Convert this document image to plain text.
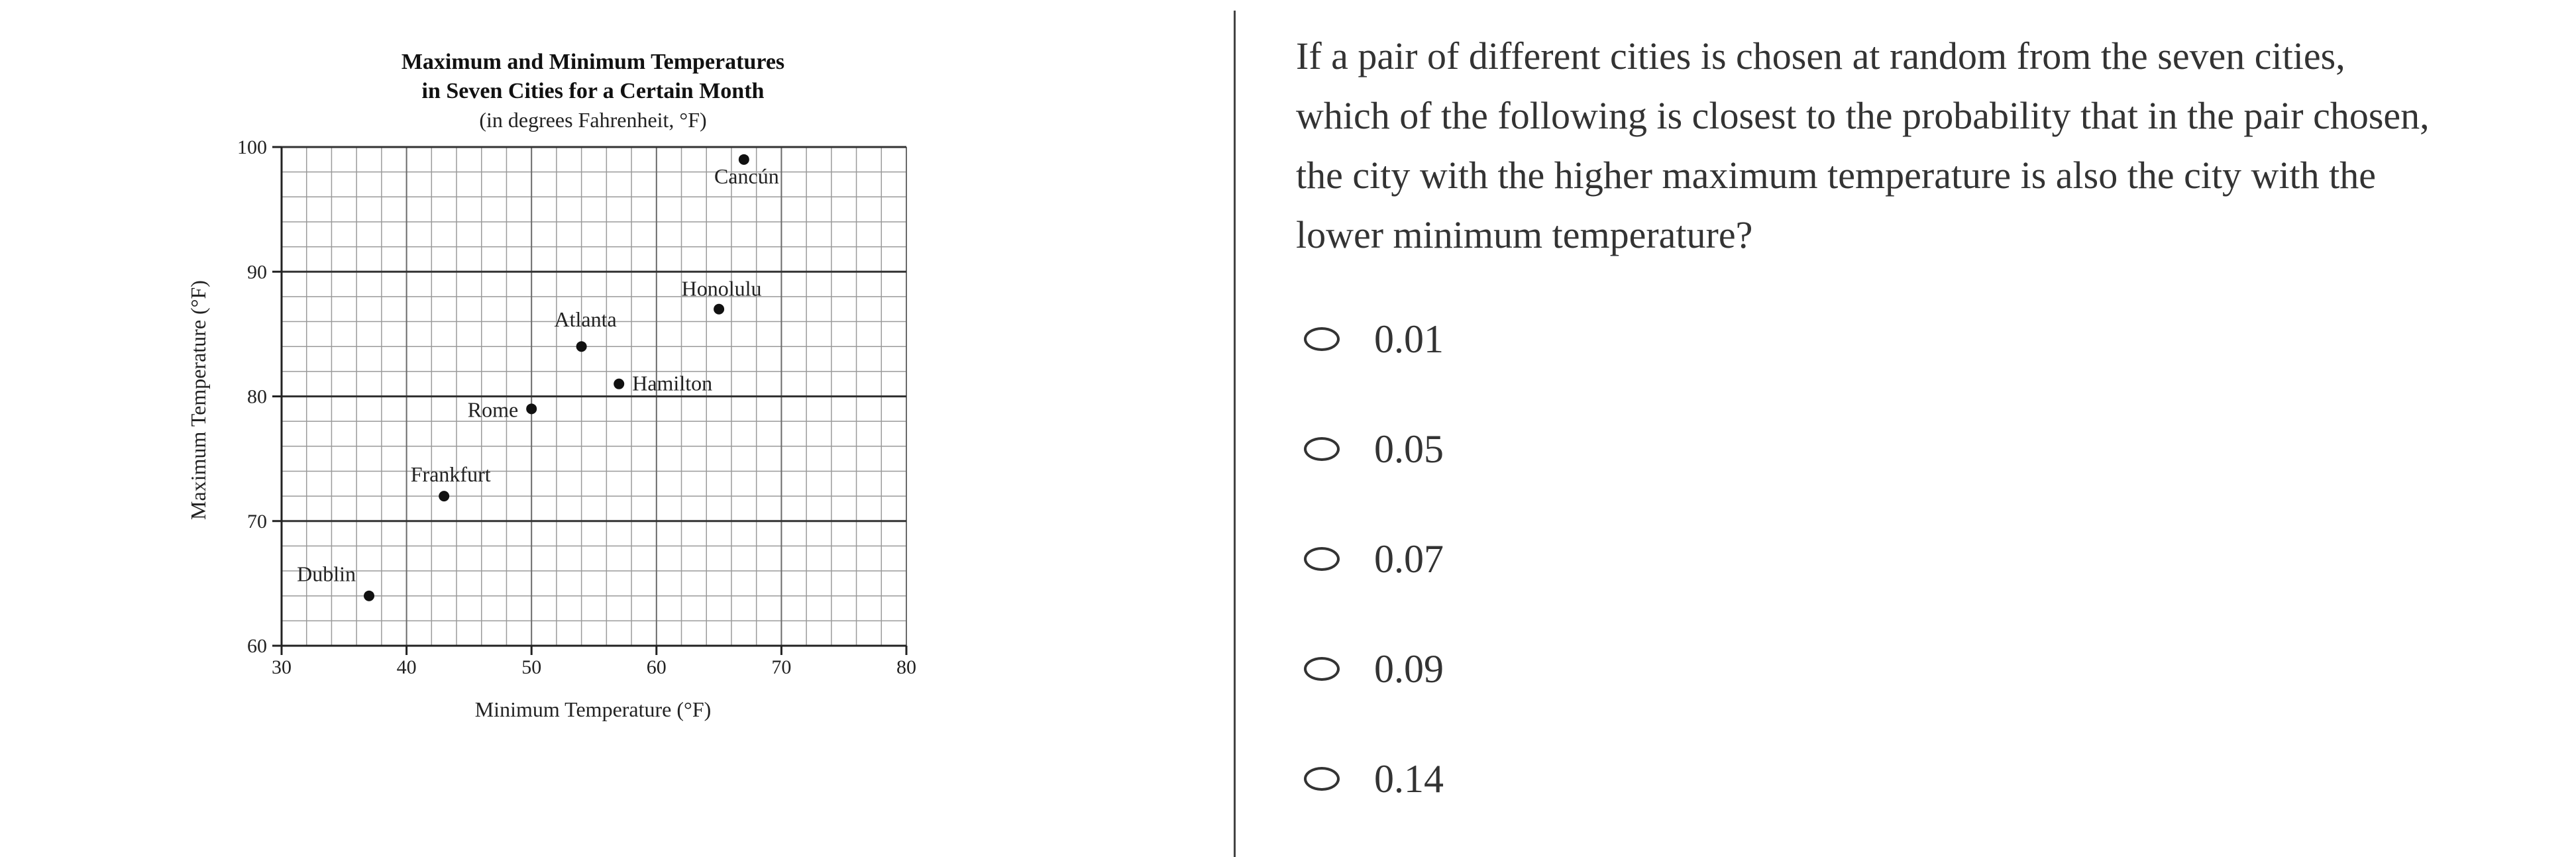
Maximum and Minimum Temperatures
in Seven Cities for a Certain Month
(in degrees Fahrenheit, °F)
Minimum Temperature (°F)
Maximum Temperature (°F)
30	40	50	60	70	80
60
70
80
90
100
Dublin
Frankfurt
Rome
Atlanta
Hamilton
Honolulu
Cancún

If a pair of different cities is chosen at random from the seven cities, which of the following is closest to the probability that in the pair chosen, the city with the higher maximum temperature is also the city with the lower minimum temperature?

0.01
0.05
0.07
0.09
0.14
